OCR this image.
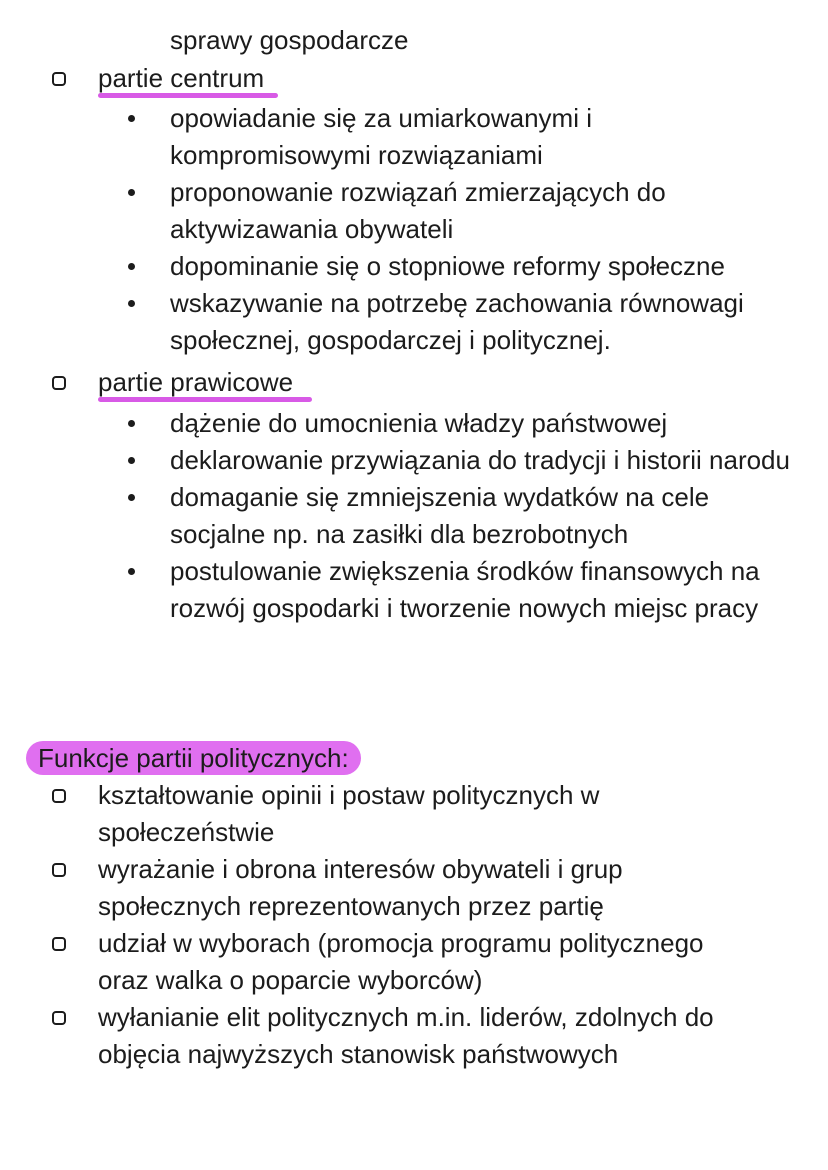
sprawy gospodarcze
partie centrum
opowiadanie się za umiarkowanymi i kompromisowymi rozwiązaniami
proponowanie rozwiązań zmierzających do aktywizawania obywateli
dopominanie się o stopniowe reformy społeczne
wskazywanie na potrzebę zachowania równowagi społecznej, gospodarczej i politycznej.
partie prawicowe
dążenie do umocnienia władzy państwowej
deklarowanie przywiązania do tradycji i historii narodu
domaganie się zmniejszenia wydatków na cele socjalne np. na zasiłki dla bezrobotnych
postulowanie zwiększenia środków finansowych na rozwój gospodarki i tworzenie nowych miejsc pracy
Funkcje partii politycznych:
kształtowanie opinii i postaw politycznych w społeczeństwie
wyrażanie i obrona interesów obywateli i grup społecznych reprezentowanych przez partię
udział w wyborach (promocja programu politycznego oraz walka o poparcie wyborców)
wyłanianie elit politycznych m.in. liderów, zdolnych do objęcia najwyższych stanowisk państwowych
